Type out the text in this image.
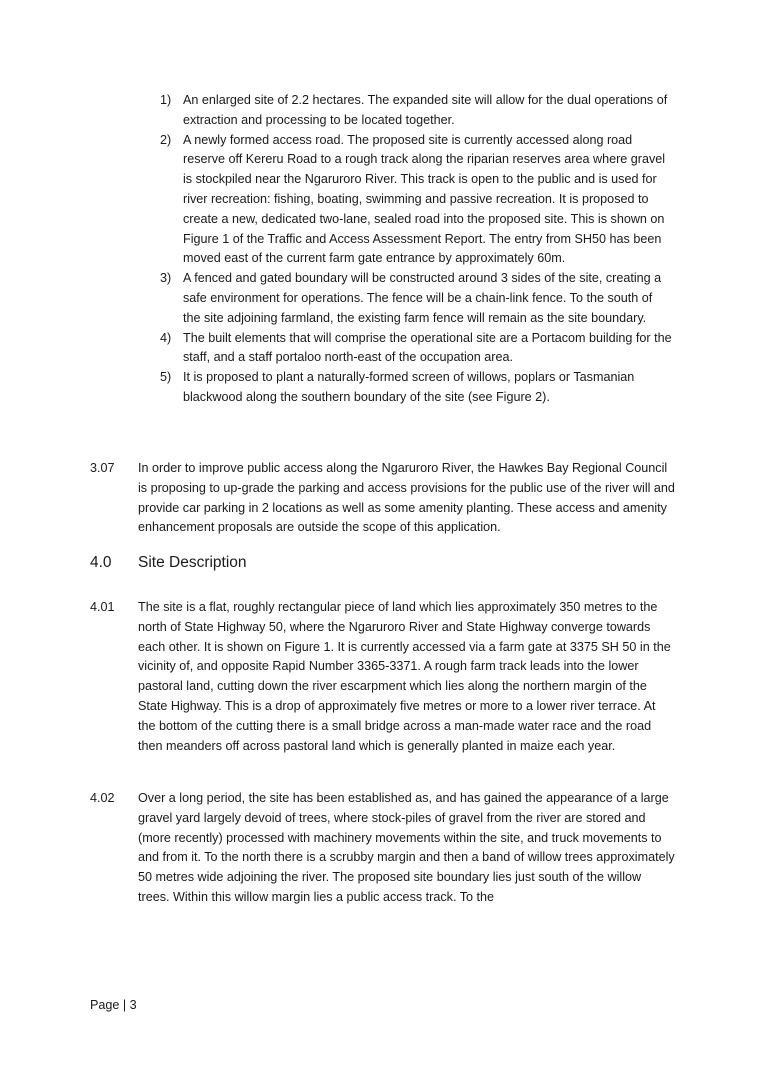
1) An enlarged site of 2.2 hectares. The expanded site will allow for the dual operations of extraction and processing to be located together.
2) A newly formed access road. The proposed site is currently accessed along road reserve off Kereru Road to a rough track along the riparian reserves area where gravel is stockpiled near the Ngaruroro River. This track is open to the public and is used for river recreation: fishing, boating, swimming and passive recreation. It is proposed to create a new, dedicated two-lane, sealed road into the proposed site. This is shown on Figure 1 of the Traffic and Access Assessment Report. The entry from SH50 has been moved east of the current farm gate entrance by approximately 60m.
3) A fenced and gated boundary will be constructed around 3 sides of the site, creating a safe environment for operations. The fence will be a chain-link fence. To the south of the site adjoining farmland, the existing farm fence will remain as the site boundary.
4) The built elements that will comprise the operational site are a Portacom building for the staff, and a staff portaloo north-east of the occupation area.
5) It is proposed to plant a naturally-formed screen of willows, poplars or Tasmanian blackwood along the southern boundary of the site (see Figure 2).
3.07	In order to improve public access along the Ngaruroro River, the Hawkes Bay Regional Council is proposing to up-grade the parking and access provisions for the public use of the river will and provide car parking in 2 locations as well as some amenity planting. These access and amenity enhancement proposals are outside the scope of this application.
4.0	Site Description
4.01	The site is a flat, roughly rectangular piece of land which lies approximately 350 metres to the north of State Highway 50, where the Ngaruroro River and State Highway converge towards each other. It is shown on Figure 1. It is currently accessed via a farm gate at 3375 SH 50 in the vicinity of, and opposite Rapid Number 3365-3371. A rough farm track leads into the lower pastoral land, cutting down the river escarpment which lies along the northern margin of the State Highway. This is a drop of approximately five metres or more to a lower river terrace. At the bottom of the cutting there is a small bridge across a man-made water race and the road then meanders off across pastoral land which is generally planted in maize each year.
4.02	Over a long period, the site has been established as, and has gained the appearance of a large gravel yard largely devoid of trees, where stock-piles of gravel from the river are stored and (more recently) processed with machinery movements within the site, and truck movements to and from it. To the north there is a scrubby margin and then a band of willow trees approximately 50 metres wide adjoining the river. The proposed site boundary lies just south of the willow trees. Within this willow margin lies a public access track. To the
Page | 3
